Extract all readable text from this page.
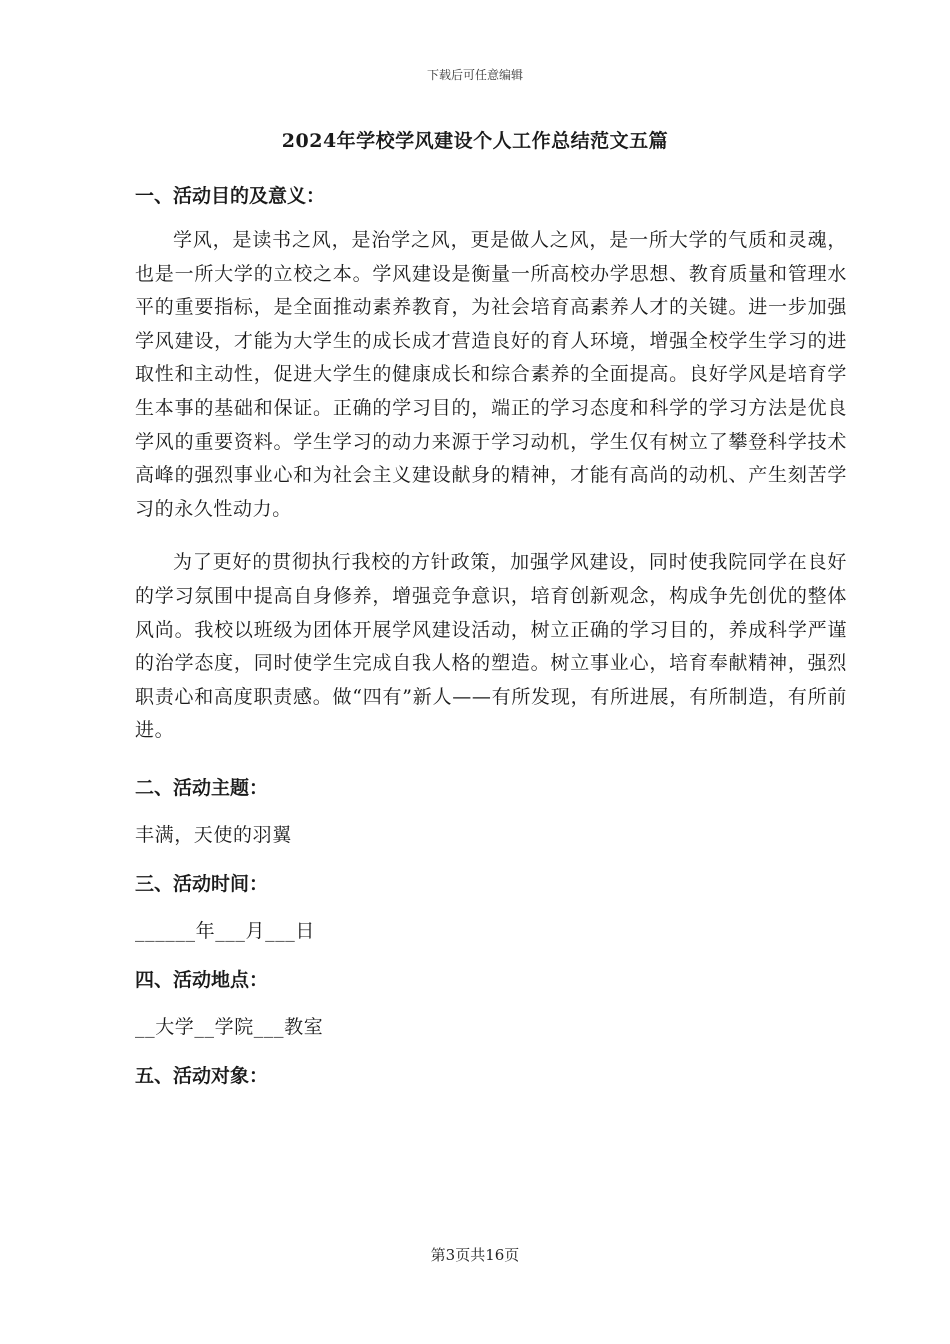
下载后可任意编辑
2024年学校学风建设个人工作总结范文五篇
一、活动目的及意义：

学风，是读书之风，是治学之风，更是做人之风，是一所大学的气质和灵魂，也是一所大学的立校之本。学风建设是衡量一所高校办学思想、教育质量和管理水平的重要指标，是全面推动素养教育，为社会培育高素养人才的关键。进一步加强学风建设，才能为大学生的成长成才营造良好的育人环境，增强全校学生学习的进取性和主动性，促进大学生的健康成长和综合素养的全面提高。良好学风是培育学生本事的基础和保证。正确的学习目的，端正的学习态度和科学的学习方法是优良学风的重要资料。学生学习的动力来源于学习动机，学生仅有树立了攀登科学技术高峰的强烈事业心和为社会主义建设献身的精神，才能有高尚的动机、产生刻苦学习的永久性动力。

为了更好的贯彻执行我校的方针政策，加强学风建设，同时使我院同学在良好的学习氛围中提高自身修养，增强竞争意识，培育创新观念，构成争先创优的整体风尚。我校以班级为团体开展学风建设活动，树立正确的学习目的，养成科学严谨的治学态度，同时使学生完成自我人格的塑造。树立事业心，培育奉献精神，强烈职责心和高度职责感。做“四有”新人——有所发现，有所进展，有所制造，有所前进。

二、活动主题：

丰满，天使的羽翼

三、活动时间：

______年___月___日

四、活动地点：

__大学__学院___教室

五、活动对象：
第3页共16页
